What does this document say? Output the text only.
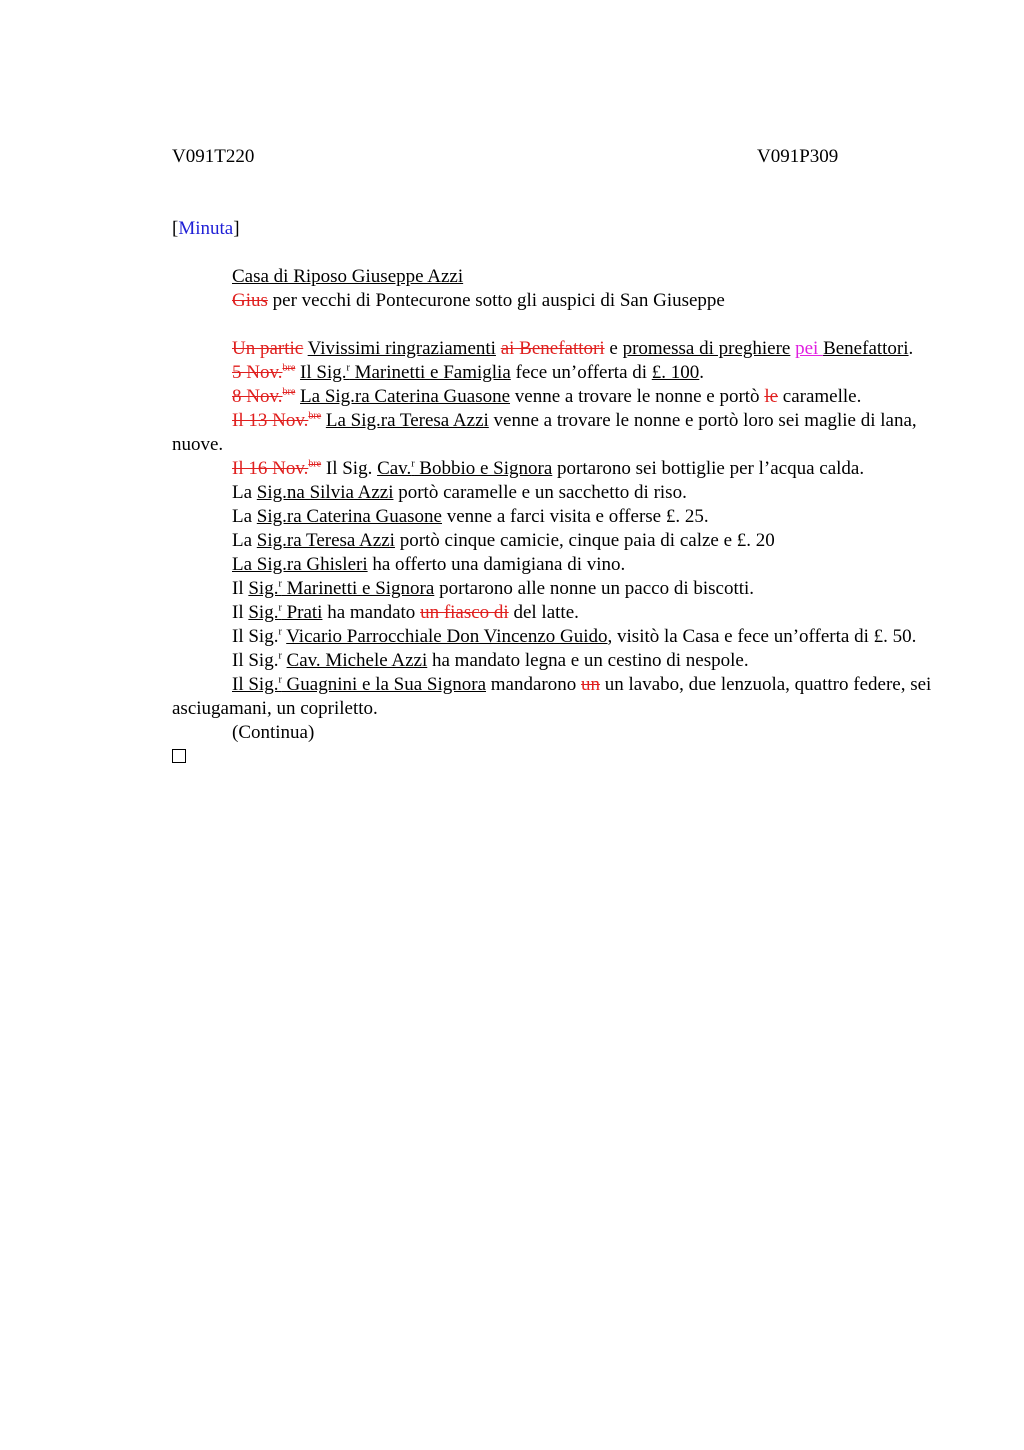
V091T220	V091P309
[Minuta]

Casa di Riposo Giuseppe Azzi

Gius per vecchi di Pontecurone sotto gli auspici di San Giuseppe

Un partic Vivissimi ringraziamenti ai Benefattori e promessa di preghiere pei Benefattori.

5 Nov.$^{bre}$ Il Sig.$^r$ Marinetti e Famiglia fece un’offerta di £. 100.

8 Nov.$^{bre}$ La Sig.ra Caterina Guasone venne a trovare le nonne e portò le caramelle.

Il 13 Nov.$^{bre}$ La Sig.ra Teresa Azzi venne a trovare le nonne e portò loro sei maglie di lana, nuove.

Il 16 Nov.$^{bre}$ Il Sig. Cav.$^r$ Bobbio e Signora portarono sei bottiglie per l’acqua calda.

La Sig.na Silvia Azzi portò caramelle e un sacchetto di riso.

La Sig.ra Caterina Guasone venne a farci visita e offerse £. 25.

La Sig.ra Teresa Azzi portò cinque camicie, cinque paia di calze e £. 20

La Sig.ra Ghisleri ha offerto una damigiana di vino.

Il Sig.$^r$ Marinetti e Signora portarono alle nonne un pacco di biscotti.

Il Sig.$^r$ Prati ha mandato un fiasco di del latte.

Il Sig.$^r$ Vicario Parrocchiale Don Vincenzo Guido, visitò la Casa e fece un’offerta di £. 50.

Il Sig.$^r$ Cav. Michele Azzi ha mandato legna e un cestino di nespole.

Il Sig.$^r$ Guagnini e la Sua Signora mandarono un un lavabo, due lenzuola, quattro federe, sei asciugamani, un copriletto.

(Continua)
